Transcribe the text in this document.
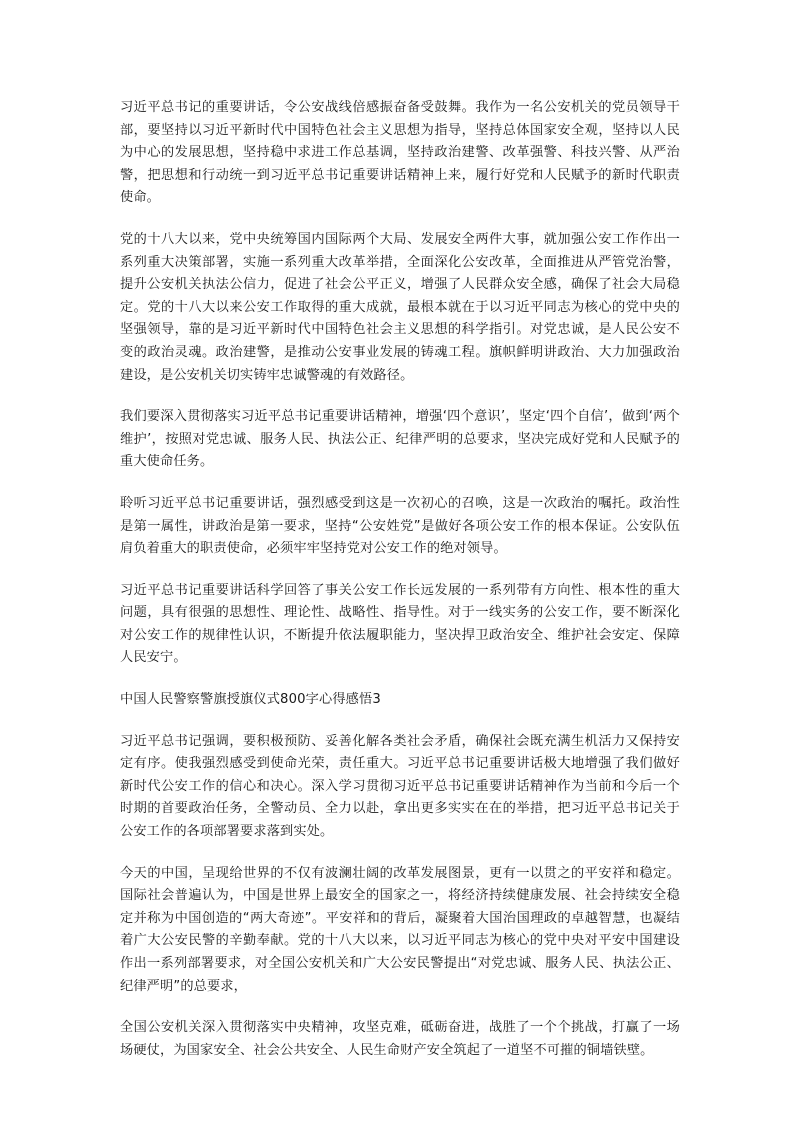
习近平总书记的重要讲话，令公安战线倍感振奋备受鼓舞。我作为一名公安机关的党员领导干部，要坚持以习近平新时代中国特色社会主义思想为指导，坚持总体国家安全观，坚持以人民为中心的发展思想，坚持稳中求进工作总基调，坚持政治建警、改革强警、科技兴警、从严治警，把思想和行动统一到习近平总书记重要讲话精神上来，履行好党和人民赋予的新时代职责使命。

党的十八大以来，党中央统筹国内国际两个大局、发展安全两件大事，就加强公安工作作出一系列重大决策部署，实施一系列重大改革举措，全面深化公安改革，全面推进从严管党治警，提升公安机关执法公信力，促进了社会公平正义，增强了人民群众安全感，确保了社会大局稳定。党的十八大以来公安工作取得的重大成就，最根本就在于以习近平同志为核心的党中央的坚强领导，靠的是习近平新时代中国特色社会主义思想的科学指引。对党忠诚，是人民公安不变的政治灵魂。政治建警，是推动公安事业发展的铸魂工程。旗帜鲜明讲政治、大力加强政治建设，是公安机关切实铸牢忠诚警魂的有效路径。

我们要深入贯彻落实习近平总书记重要讲话精神，增强‘四个意识’，坚定‘四个自信’，做到‘两个维护’，按照对党忠诚、服务人民、执法公正、纪律严明的总要求，坚决完成好党和人民赋予的重大使命任务。

聆听习近平总书记重要讲话，强烈感受到这是一次初心的召唤，这是一次政治的嘱托。政治性是第一属性，讲政治是第一要求，坚持“公安姓党”是做好各项公安工作的根本保证。公安队伍肩负着重大的职责使命，必须牢牢坚持党对公安工作的绝对领导。

习近平总书记重要讲话科学回答了事关公安工作长远发展的一系列带有方向性、根本性的重大问题，具有很强的思想性、理论性、战略性、指导性。对于一线实务的公安工作，要不断深化对公安工作的规律性认识，不断提升依法履职能力，坚决捍卫政治安全、维护社会安定、保障人民安宁。

中国人民警察警旗授旗仪式800字心得感悟3

习近平总书记强调，要积极预防、妥善化解各类社会矛盾，确保社会既充满生机活力又保持安定有序。使我强烈感受到使命光荣，责任重大。习近平总书记重要讲话极大地增强了我们做好新时代公安工作的信心和决心。深入学习贯彻习近平总书记重要讲话精神作为当前和今后一个时期的首要政治任务，全警动员、全力以赴，拿出更多实实在在的举措，把习近平总书记关于公安工作的各项部署要求落到实处。

今天的中国，呈现给世界的不仅有波澜壮阔的改革发展图景，更有一以贯之的平安祥和稳定。国际社会普遍认为，中国是世界上最安全的国家之一，将经济持续健康发展、社会持续安全稳定并称为中国创造的“两大奇迹”。平安祥和的背后，凝聚着大国治国理政的卓越智慧，也凝结着广大公安民警的辛勤奉献。党的十八大以来，以习近平同志为核心的党中央对平安中国建设作出一系列部署要求，对全国公安机关和广大公安民警提出“对党忠诚、服务人民、执法公正、纪律严明”的总要求，

全国公安机关深入贯彻落实中央精神，攻坚克难，砥砺奋进，战胜了一个个挑战，打赢了一场场硬仗，为国家安全、社会公共安全、人民生命财产安全筑起了一道坚不可摧的铜墙铁壁。
